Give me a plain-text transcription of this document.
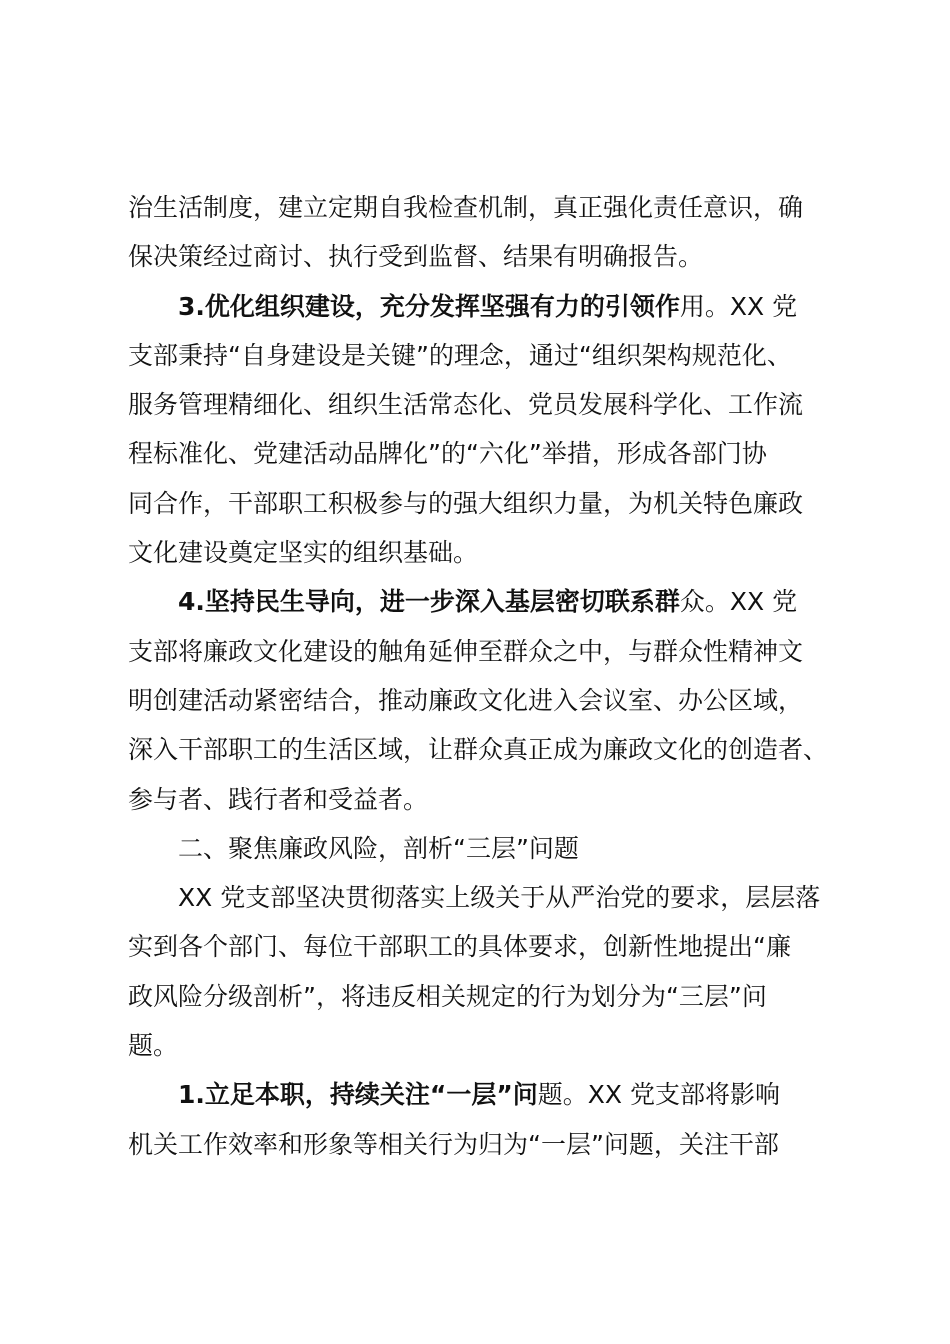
治生活制度，建立定期自我检查机制，真正强化责任意识，确
保决策经过商讨、执行受到监督、结果有明确报告。
3.优化组织建设，充分发挥坚强有力的引领作用。XX 党
支部秉持“自身建设是关键”的理念，通过“组织架构规范化、
服务管理精细化、组织生活常态化、党员发展科学化、工作流
程标准化、党建活动品牌化”的“六化”举措，形成各部门协
同合作，干部职工积极参与的强大组织力量，为机关特色廉政
文化建设奠定坚实的组织基础。
4.坚持民生导向，进一步深入基层密切联系群众。XX 党
支部将廉政文化建设的触角延伸至群众之中，与群众性精神文
明创建活动紧密结合，推动廉政文化进入会议室、办公区域，
深入干部职工的生活区域，让群众真正成为廉政文化的创造者、
参与者、践行者和受益者。
二、聚焦廉政风险，剖析“三层”问题
XX 党支部坚决贯彻落实上级关于从严治党的要求，层层落
实到各个部门、每位干部职工的具体要求，创新性地提出“廉
政风险分级剖析”，将违反相关规定的行为划分为“三层”问
题。
1.立足本职，持续关注“一层”问题。XX 党支部将影响
机关工作效率和形象等相关行为归为“一层”问题，关注干部
